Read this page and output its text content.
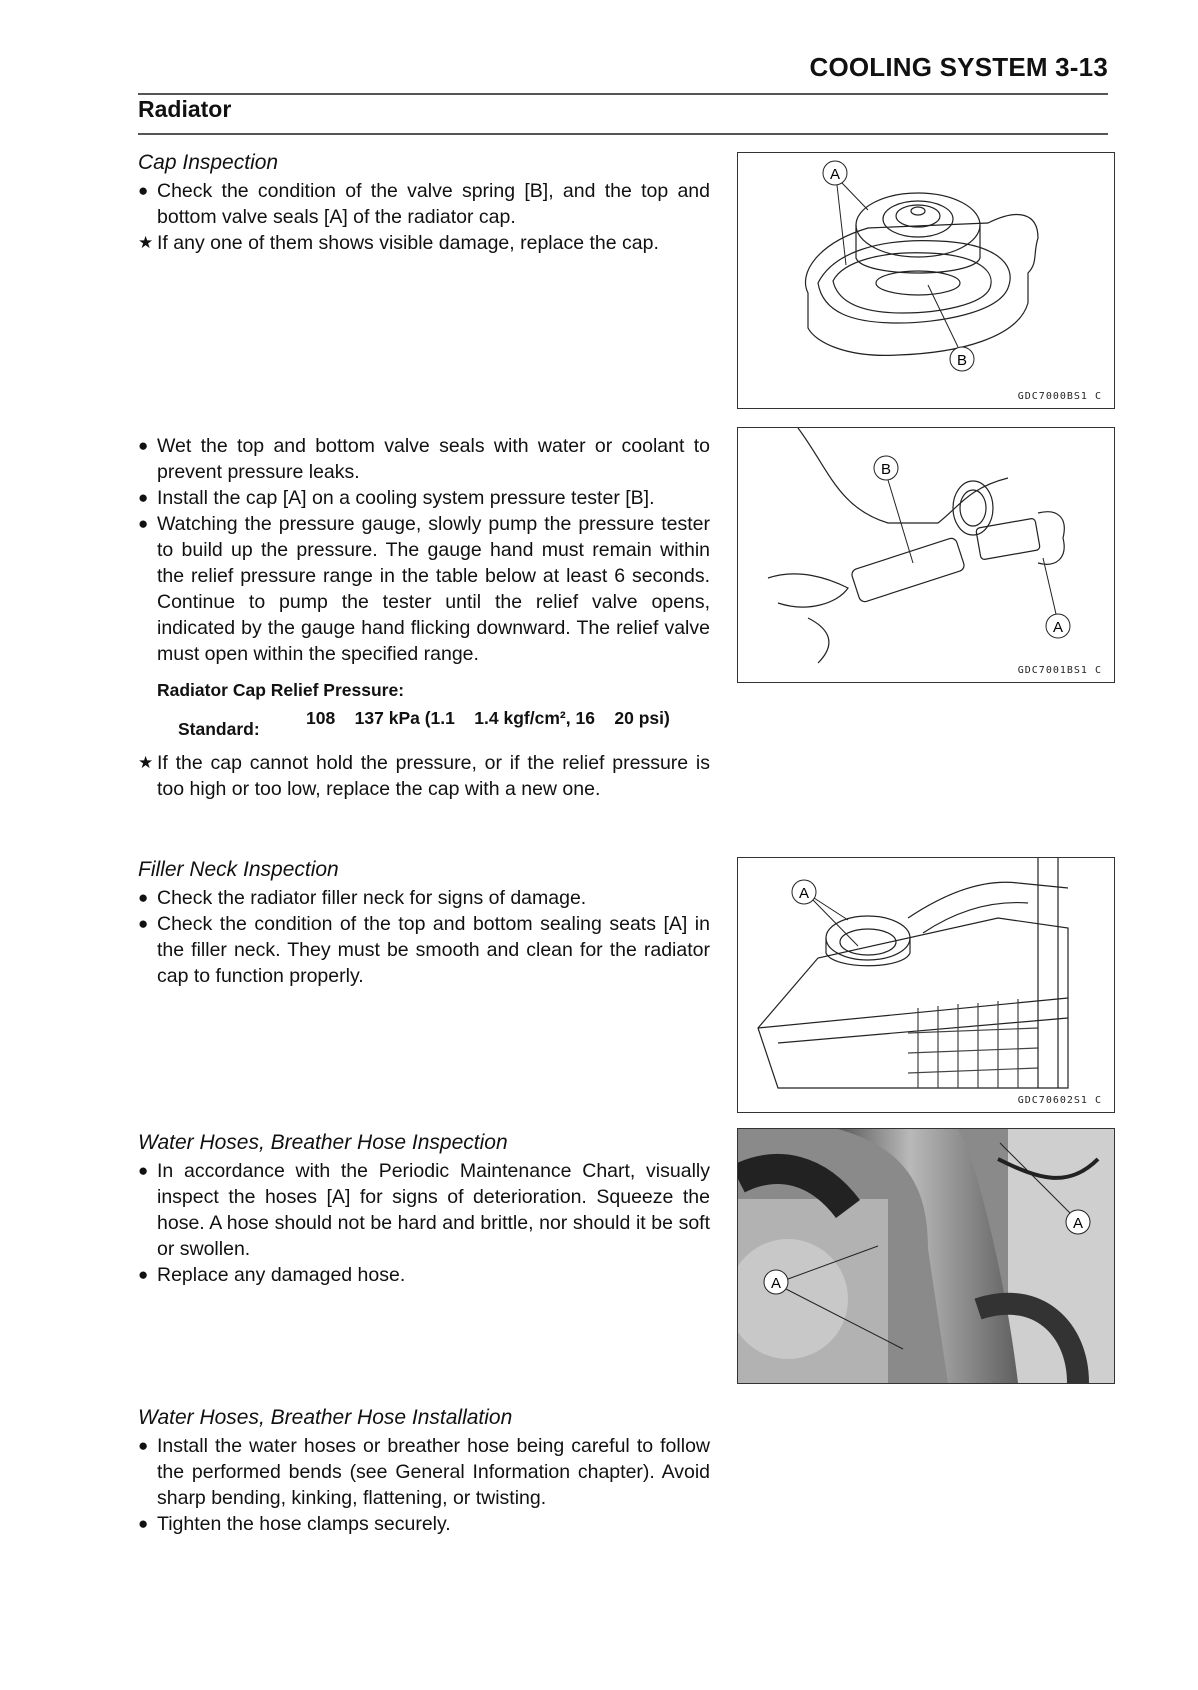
COOLING SYSTEM 3-13
Radiator
Cap Inspection
● Check the condition of the valve spring [B], and the top and bottom valve seals [A] of the radiator cap.
★ If any one of them shows visible damage, replace the cap.
● Wet the top and bottom valve seals with water or coolant to prevent pressure leaks.
● Install the cap [A] on a cooling system pressure tester [B].
● Watching the pressure gauge, slowly pump the pressure tester to build up the pressure. The gauge hand must remain within the relief pressure range in the table below at least 6 seconds. Continue to pump the tester until the relief valve opens, indicated by the gauge hand flicking downward. The relief valve must open within the specified range.
Radiator Cap Relief Pressure:
Standard:
108    137 kPa (1.1    1.4 kgf/cm², 16    20 psi)
★ If the cap cannot hold the pressure, or if the relief pressure is too high or too low, replace the cap with a new one.
Filler Neck Inspection
● Check the radiator filler neck for signs of damage.
● Check the condition of the top and bottom sealing seats [A] in the filler neck. They must be smooth and clean for the radiator cap to function properly.
Water Hoses, Breather Hose Inspection
● In accordance with the Periodic Maintenance Chart, visually inspect the hoses [A] for signs of deterioration. Squeeze the hose. A hose should not be hard and brittle, nor should it be soft or swollen.
● Replace any damaged hose.
Water Hoses, Breather Hose Installation
● Install the water hoses or breather hose being careful to follow the performed bends (see General Information chapter). Avoid sharp bending, kinking, flattening, or twisting.
● Tighten the hose clamps securely.
A
B
GDC7000BS1 C
B
A
GDC7001BS1 C
A
GDC70602S1 C
A
A
